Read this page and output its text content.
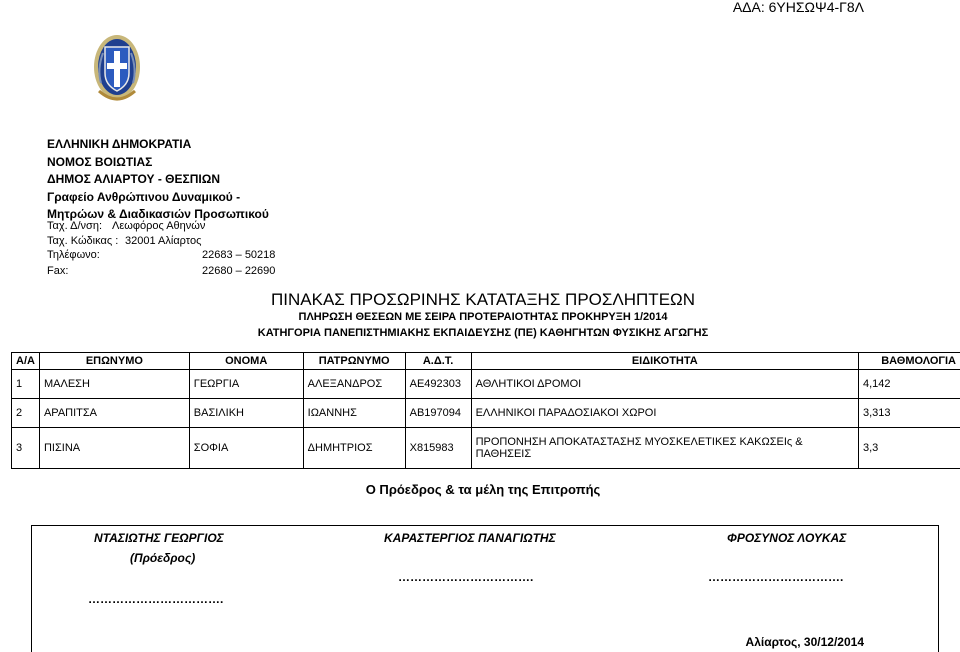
ΑΔΑ: 6ΥΗΣΩΨ4-Γ8Λ
ΕΛΛΗΝΙΚΗ ΔΗΜΟΚΡΑΤΙΑ
ΝΟΜΟΣ ΒΟΙΩΤΙΑΣ
ΔΗΜΟΣ ΑΛΙΑΡΤΟΥ - ΘΕΣΠΙΩΝ
Γραφείο Ανθρώπινου Δυναμικού -
Μητρώων & Διαδικασιών Προσωπικού
Ταχ. Δ/νση: Λεωφόρος Αθηνών
Ταχ. Κώδικας : 32001 Αλίαρτος
Τηλέφωνο:	22683 – 50218
Fax:	22680 – 22690
ΠΙΝΑΚΑΣ ΠΡΟΣΩΡΙΝΗΣ ΚΑΤΑΤΑΞΗΣ ΠΡΟΣΛΗΠΤΕΩΝ
ΠΛΗΡΩΣΗ ΘΕΣΕΩΝ ΜΕ ΣΕΙΡΑ ΠΡΟΤΕΡΑΙΟΤΗΤΑΣ ΠΡΟΚΗΡΥΞΗ 1/2014
ΚΑΤΗΓΟΡΙΑ ΠΑΝΕΠΙΣΤΗΜΙΑΚΗΣ ΕΚΠΑΙΔΕΥΣΗΣ (ΠΕ) ΚΑΘΗΓΗΤΩΝ ΦΥΣΙΚΗΣ ΑΓΩΓΗΣ
Α/Α	ΕΠΩΝΥΜΟ	ΟΝΟΜΑ	ΠΑΤΡΩΝΥΜΟ	Α.Δ.Τ.	ΕΙΔΙΚΟΤΗΤΑ	ΒΑΘΜΟΛΟΓΙΑ
1	ΜΑΛΕΣΗ	ΓΕΩΡΓΙΑ	ΑΛΕΞΑΝΔΡΟΣ	ΑΕ492303	ΑΘΛΗΤΙΚΟΙ ΔΡΟΜΟΙ	4,142
2	ΑΡΑΠΙΤΣΑ	ΒΑΣΙΛΙΚΗ	ΙΩΑΝΝΗΣ	ΑΒ197094	ΕΛΛΗΝΙΚΟΙ ΠΑΡΑΔΟΣΙΑΚΟΙ ΧΩΡΟΙ	3,313
3	ΠΙΣΙΝΑ	ΣΟΦΙΑ	ΔΗΜΗΤΡΙΟΣ	Χ815983	ΠΡΟΠΟΝΗΣΗ ΑΠΟΚΑΤΑΣΤΑΣΗΣ ΜΥΟΣΚΕΛΕΤΙΚΕΣ ΚΑΚΩΣΕΙς & ΠΑΘΗΣΕΙΣ	3,3
Ο Πρόεδρος & τα μέλη της Επιτροπής
ΝΤΑΣΙΩΤΗΣ ΓΕΩΡΓΙΟΣ
(Πρόεδρος)
…………………………….
ΚΑΡΑΣΤΕΡΓΙΟΣ ΠΑΝΑΓΙΩΤΗΣ
…………………………….
ΦΡΟΣΥΝΟΣ ΛΟΥΚΑΣ
…………………………….
Αλίαρτος, 30/12/2014
